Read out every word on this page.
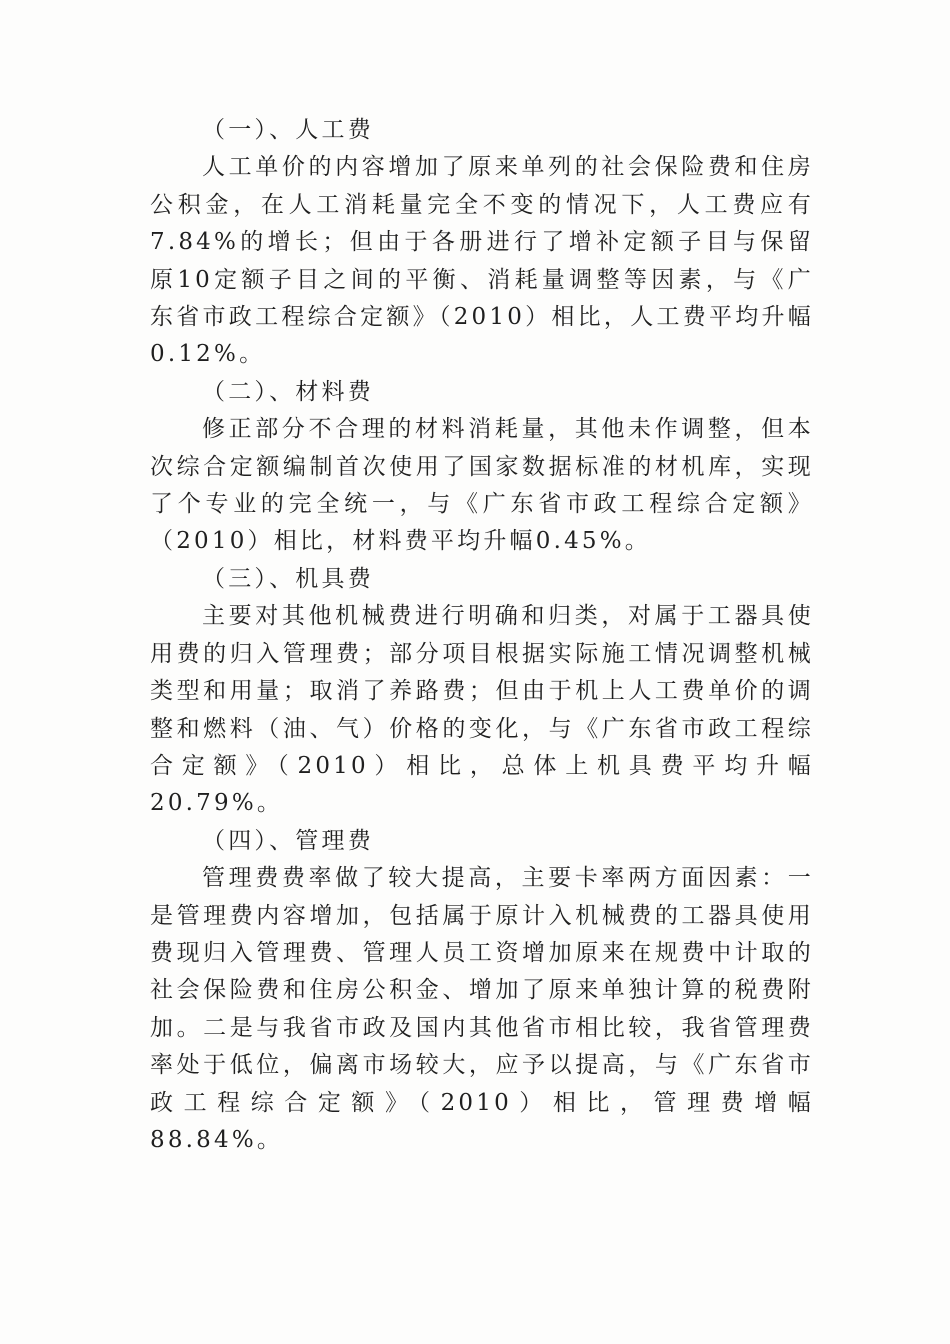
（一）、人工费

人工单价的内容增加了原来单列的社会保险费和住房公积金，在人工消耗量完全不变的情况下，人工费应有7.84%的增长；但由于各册进行了增补定额子目与保留原10定额子目之间的平衡、消耗量调整等因素，与《广东省市政工程综合定额》（2010）相比，人工费平均升幅0.12%。

（二）、材料费

修正部分不合理的材料消耗量，其他未作调整，但本次综合定额编制首次使用了国家数据标准的材机库，实现了个专业的完全统一，与《广东省市政工程综合定额》（2010）相比，材料费平均升幅0.45%。

（三）、机具费

主要对其他机械费进行明确和归类，对属于工器具使用费的归入管理费；部分项目根据实际施工情况调整机械类型和用量；取消了养路费；但由于机上人工费单价的调整和燃料（油、气）价格的变化，与《广东省市政工程综合定额》（2010）相比，总体上机具费平均升幅20.79%。

（四）、管理费

管理费费率做了较大提高，主要卡率两方面因素：一是管理费内容增加，包括属于原计入机械费的工器具使用费现归入管理费、管理人员工资增加原来在规费中计取的社会保险费和住房公积金、增加了原来单独计算的税费附加。二是与我省市政及国内其他省市相比较，我省管理费率处于低位，偏离市场较大，应予以提高，与《广东省市政工程综合定额》（2010）相比，管理费增幅88.84%。
